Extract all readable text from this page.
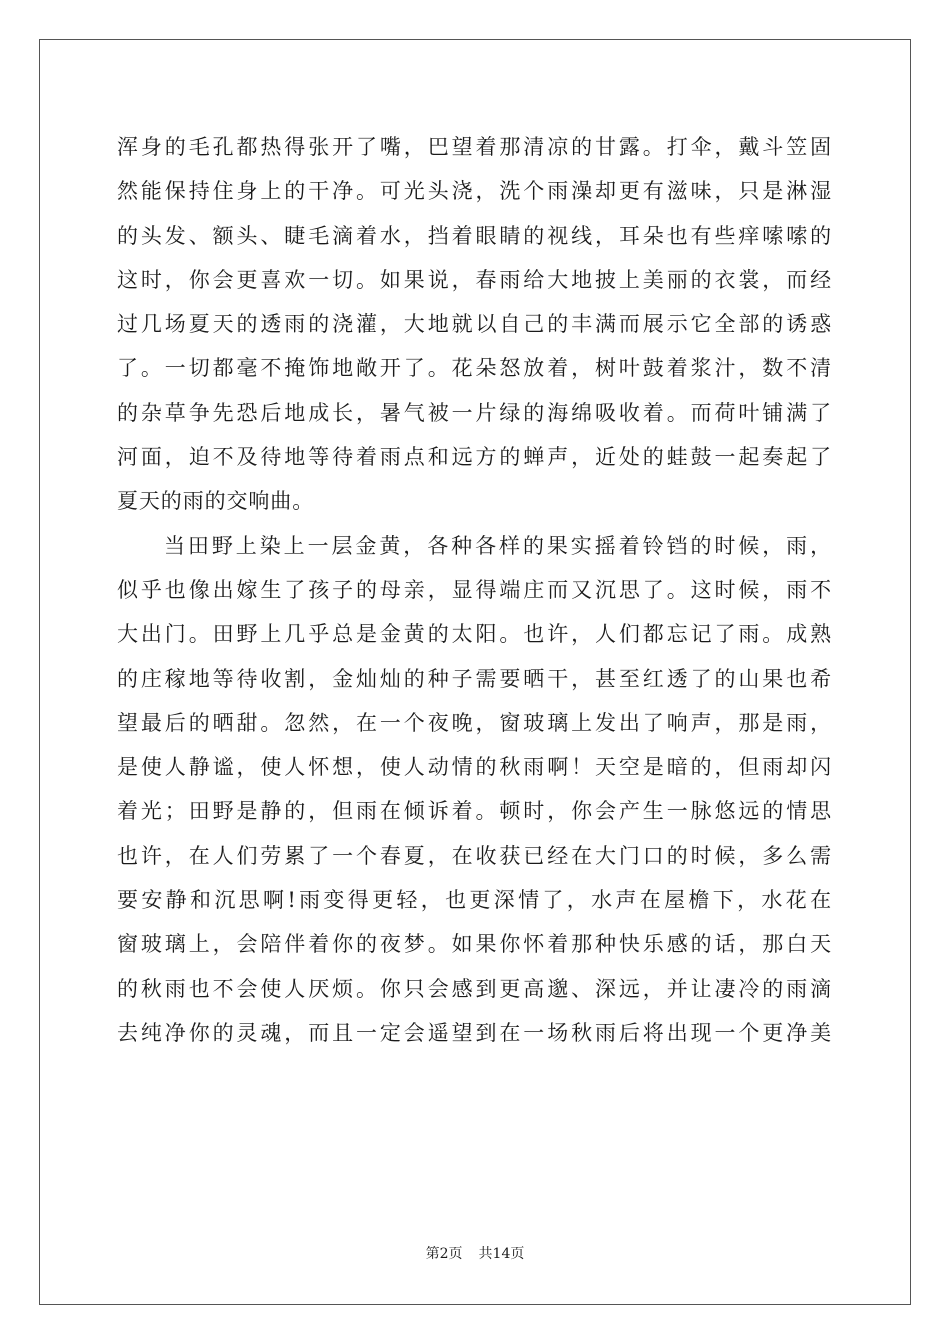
浑身的毛孔都热得张开了嘴，巴望着那清凉的甘露。打伞，戴斗笠固
然能保持住身上的干净。可光头浇，洗个雨澡却更有滋味，只是淋湿
的头发、额头、睫毛滴着水，挡着眼睛的视线，耳朵也有些痒嗦嗦的
这时，你会更喜欢一切。如果说，春雨给大地披上美丽的衣裳，而经
过几场夏天的透雨的浇灌，大地就以自己的丰满而展示它全部的诱惑
了。一切都毫不掩饰地敞开了。花朵怒放着，树叶鼓着浆汁，数不清
的杂草争先恐后地成长，暑气被一片绿的海绵吸收着。而荷叶铺满了
河面，迫不及待地等待着雨点和远方的蝉声，近处的蛙鼓一起奏起了
夏天的雨的交响曲。
当田野上染上一层金黄，各种各样的果实摇着铃铛的时候，雨，
似乎也像出嫁生了孩子的母亲，显得端庄而又沉思了。这时候，雨不
大出门。田野上几乎总是金黄的太阳。也许，人们都忘记了雨。成熟
的庄稼地等待收割，金灿灿的种子需要晒干，甚至红透了的山果也希
望最后的晒甜。忽然，在一个夜晚，窗玻璃上发出了响声，那是雨，
是使人静谧，使人怀想，使人动情的秋雨啊！天空是暗的，但雨却闪
着光；田野是静的，但雨在倾诉着。顿时，你会产生一脉悠远的情思
也许，在人们劳累了一个春夏，在收获已经在大门口的时候，多么需
要安静和沉思啊!雨变得更轻，也更深情了，水声在屋檐下，水花在
窗玻璃上，会陪伴着你的夜梦。如果你怀着那种快乐感的话，那白天
的秋雨也不会使人厌烦。你只会感到更高邈、深远，并让凄冷的雨滴
去纯净你的灵魂，而且一定会遥望到在一场秋雨后将出现一个更净美
第2页 共14页
